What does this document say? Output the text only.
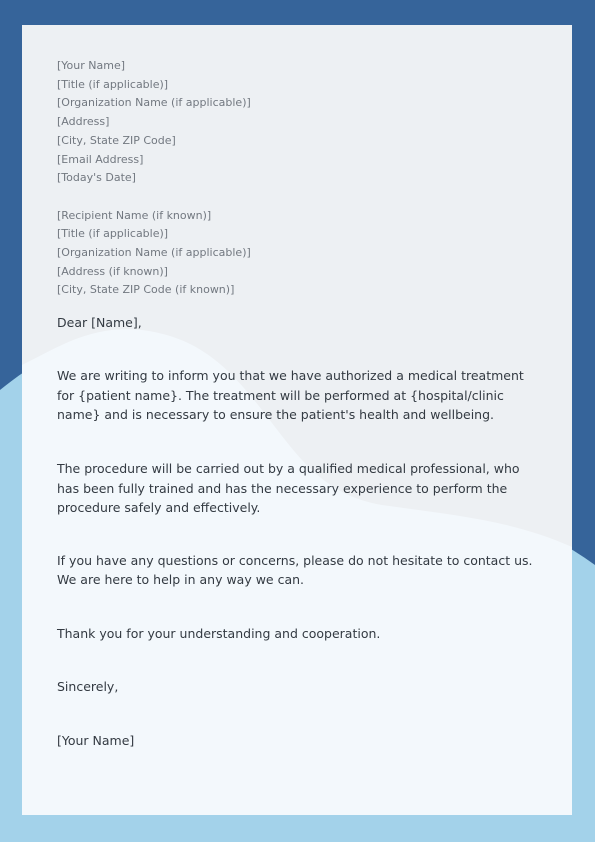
[Your Name]
[Title (if applicable)]
[Organization Name (if applicable)]
[Address]
[City, State ZIP Code]
[Email Address]
[Today's Date]
[Recipient Name (if known)]
[Title (if applicable)]
[Organization Name (if applicable)]
[Address (if known)]
[City, State ZIP Code (if known)]
Dear [Name],

We are writing to inform you that we have authorized a medical treatment for {patient name}. The treatment will be performed at {hospital/clinic name} and is necessary to ensure the patient's health and wellbeing.

The procedure will be carried out by a qualified medical professional, who has been fully trained and has the necessary experience to perform the procedure safely and effectively.

If you have any questions or concerns, please do not hesitate to contact us. We are here to help in any way we can.

Thank you for your understanding and cooperation.

Sincerely,
[Your Name]
